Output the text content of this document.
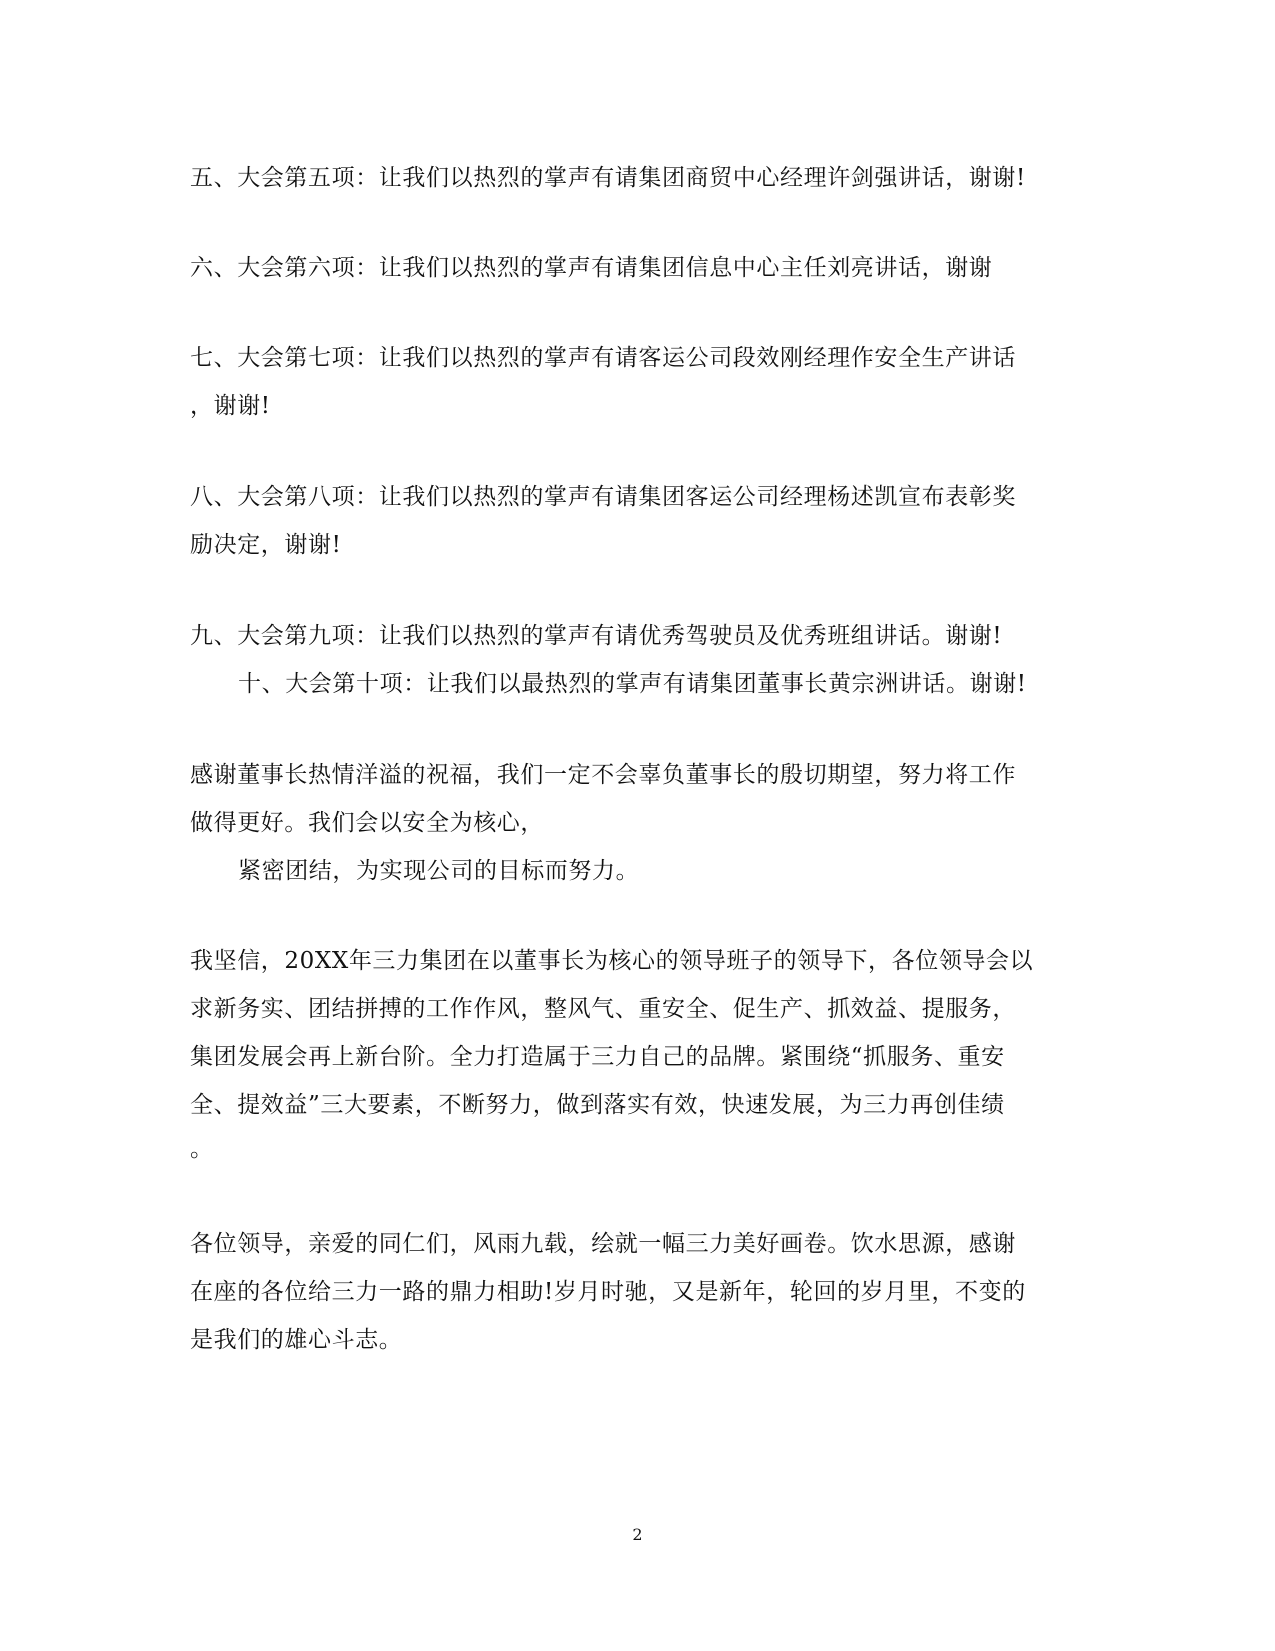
五、大会第五项：让我们以热烈的掌声有请集团商贸中心经理许剑强讲话，谢谢!
六、大会第六项：让我们以热烈的掌声有请集团信息中心主任刘亮讲话，谢谢
七、大会第七项：让我们以热烈的掌声有请客运公司段效刚经理作安全生产讲话
，谢谢!
八、大会第八项：让我们以热烈的掌声有请集团客运公司经理杨述凯宣布表彰奖
励决定，谢谢!
九、大会第九项：让我们以热烈的掌声有请优秀驾驶员及优秀班组讲话。谢谢!
十、大会第十项：让我们以最热烈的掌声有请集团董事长黄宗洲讲话。谢谢!
感谢董事长热情洋溢的祝福，我们一定不会辜负董事长的殷切期望，努力将工作
做得更好。我们会以安全为核心，
紧密团结，为实现公司的目标而努力。
我坚信，20XX年三力集团在以董事长为核心的领导班子的领导下，各位领导会以
求新务实、团结拼搏的工作作风，整风气、重安全、促生产、抓效益、提服务，
集团发展会再上新台阶。全力打造属于三力自己的品牌。紧围绕“抓服务、重安
全、提效益”三大要素，不断努力，做到落实有效，快速发展，为三力再创佳绩
。
各位领导，亲爱的同仁们，风雨九载，绘就一幅三力美好画卷。饮水思源，感谢
在座的各位给三力一路的鼎力相助!岁月时驰，又是新年，轮回的岁月里，不变的
是我们的雄心斗志。
2
